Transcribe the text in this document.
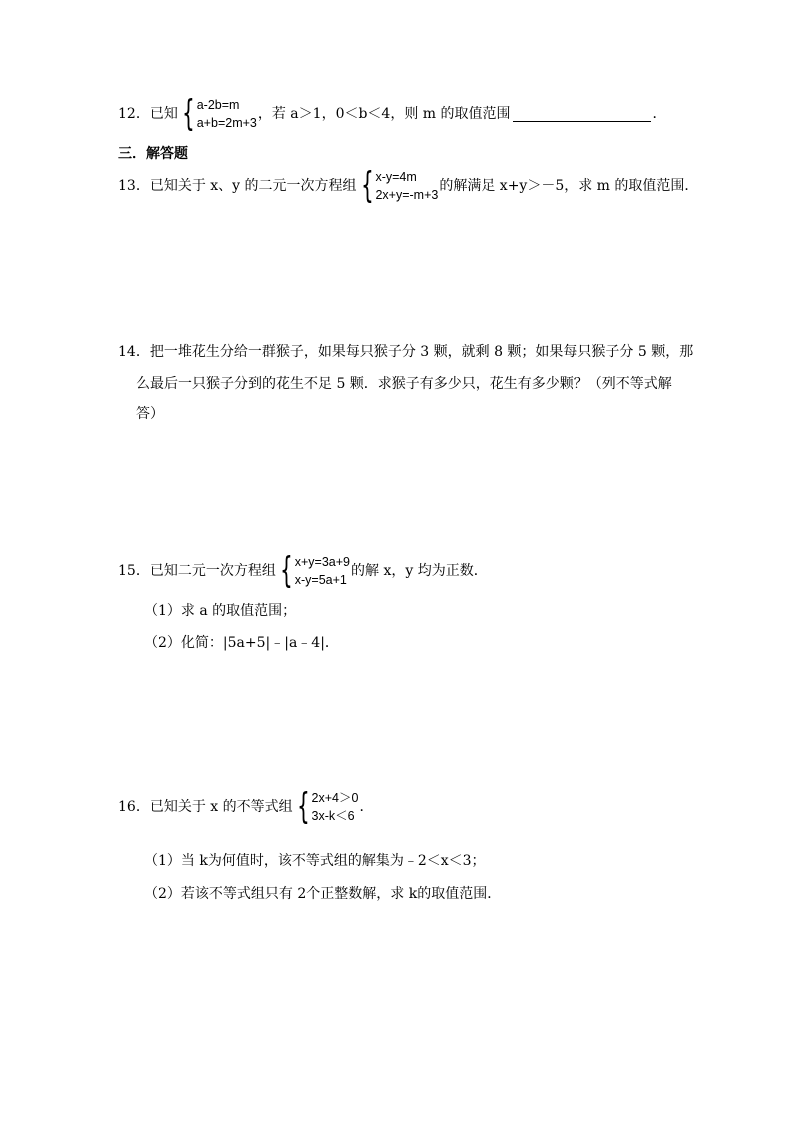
12． 已知 { a-2b=m
a+b=2m+3
，若 a＞1，0＜b＜4，则 m 的取值范围	．
三．解答题
13． 已知关于 x、y 的二元一次方程组 { x-y=4m
2x+y=-m+3
的解满足 x+y＞－5，求 m 的取值范围．
14．把一堆花生分给一群猴子，如果每只猴子分 3 颗，就剩 8 颗；如果每只猴子分 5 颗，那
么最后一只猴子分到的花生不足 5 颗．求猴子有多少只，花生有多少颗？（列不等式解
答）
15． 已知二元一次方程组 { x+y=3a+9
x-y=5a+1
的解 x，y 均为正数．
（1）求 a 的取值范围；
（2）化简：|5a+5|﹣|a﹣4|．
16． 已知关于 x 的不等式组 { 2x+4＞0
3x-k＜6
．
（1）当 k为何值时，该不等式组的解集为﹣2＜x＜3；
（2）若该不等式组只有 2个正整数解，求 k的取值范围．
